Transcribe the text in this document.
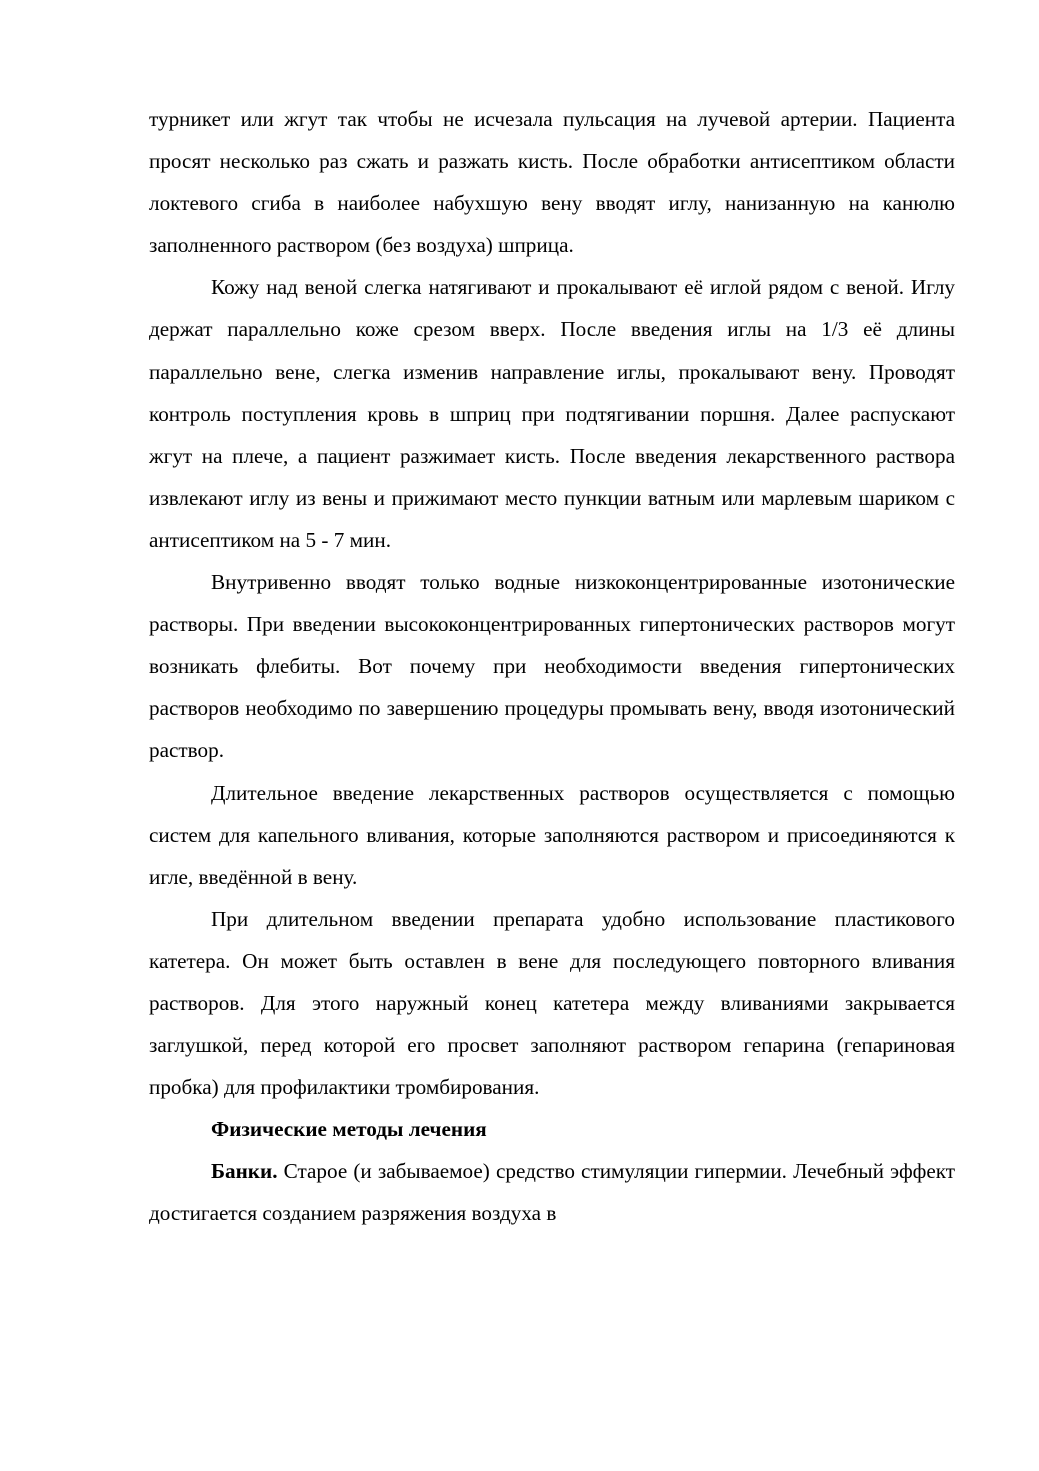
турникет или жгут так чтобы не исчезала пульсация на лучевой артерии. Пациента просят несколько раз сжать и разжать кисть. После обработки антисептиком области локтевого сгиба в наиболее набухшую вену вводят иглу, нанизанную на канюлю заполненного раствором (без воздуха) шприца.

Кожу над веной слегка натягивают и прокалывают её иглой рядом с веной. Иглу держат параллельно коже срезом вверх. После введения иглы на 1/3 её длины параллельно вене, слегка изменив направление иглы, прокалывают вену. Проводят контроль поступления кровь в шприц при подтягивании поршня. Далее распускают жгут на плече, а пациент разжимает кисть. После введения лекарственного раствора извлекают иглу из вены и прижимают место пункции ватным или марлевым шариком с антисептиком на 5 - 7 мин.

Внутривенно вводят только водные низкоконцентрированные изотонические растворы. При введении высококонцентрированных гипертонических растворов могут возникать флебиты. Вот почему при необходимости введения гипертонических растворов необходимо по завершению процедуры промывать вену, вводя изотонический раствор.

Длительное введение лекарственных растворов осуществляется с помощью систем для капельного вливания, которые заполняются раствором и присоединяются к игле, введённой в вену.

При длительном введении препарата удобно использование пластикового катетера. Он может быть оставлен в вене для последующего повторного вливания растворов. Для этого наружный конец катетера между вливаниями закрывается заглушкой, перед которой его просвет заполняют раствором гепарина (гепариновая пробка) для профилактики тромбирования.

Физические методы лечения

Банки. Старое (и забываемое) средство стимуляции гипермии. Лечебный эффект достигается созданием разряжения воздуха в
